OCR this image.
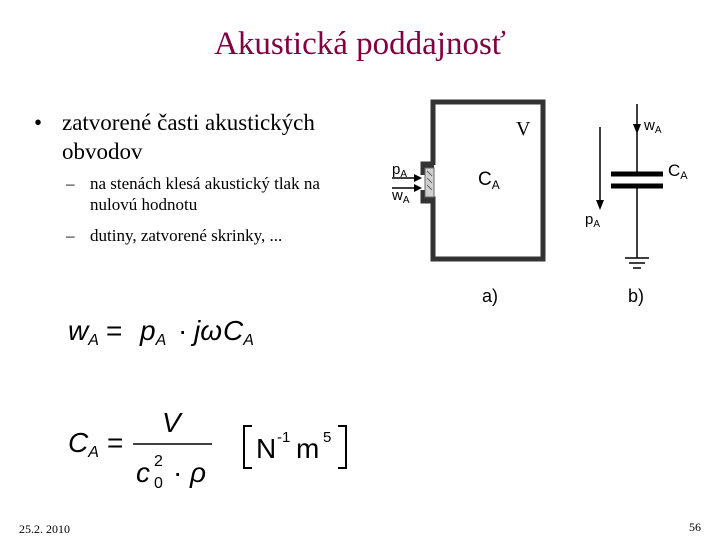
Akustická poddajnosť
• zatvorené časti akustických obvodov
– na stenách klesá akustický tlak na nulovú hodnotu
– dutiny, zatvorené skrinky, ...
V
$p_A$
$w_A$
$C_A$
a)
$w_A$
CA
$p_A$
b)
wA = pA · jω CA
CA =
V
c 0
2 · ρ
N -1 m 5
25.2. 2010	56
